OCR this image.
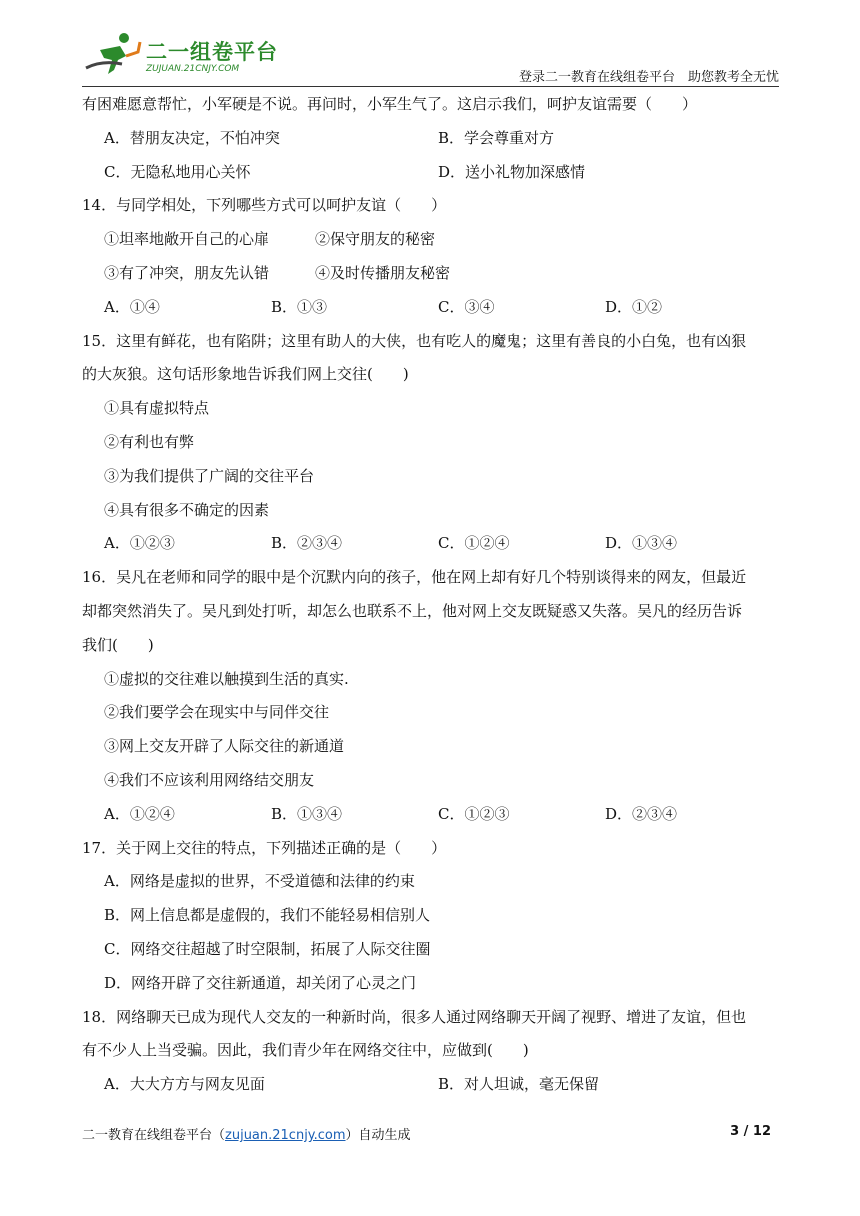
二一组卷平台
ZUJUAN.21CNJY.COM
登录二一教育在线组卷平台　助您教考全无忧
有困难愿意帮忙，小军硬是不说。再问时，小军生气了。这启示我们，呵护友谊需要（　　）
A．替朋友决定，不怕冲突	B．学会尊重对方
C．无隐私地用心关怀	D．送小礼物加深感情
14．与同学相处，下列哪些方式可以呵护友谊（　　）
①坦率地敞开自己的心扉	②保守朋友的秘密
③有了冲突，朋友先认错	④及时传播朋友秘密
A．①④	B．①③	C．③④	D．①②
15．这里有鲜花，也有陷阱；这里有助人的大侠，也有吃人的魔鬼；这里有善良的小白兔，也有凶狠
的大灰狼。这句话形象地告诉我们网上交往(　　)
①具有虚拟特点
②有利也有弊
③为我们提供了广阔的交往平台
④具有很多不确定的因素
A．①②③	B．②③④	C．①②④	D．①③④
16．吴凡在老师和同学的眼中是个沉默内向的孩子，他在网上却有好几个特别谈得来的网友，但最近
却都突然消失了。吴凡到处打听，却怎么也联系不上，他对网上交友既疑惑又失落。吴凡的经历告诉
我们(　　)
①虚拟的交往难以触摸到生活的真实.
②我们要学会在现实中与同伴交往
③网上交友开辟了人际交往的新通道
④我们不应该利用网络结交朋友
A．①②④	B．①③④	C．①②③	D．②③④
17．关于网上交往的特点，下列描述正确的是（　　）
A．网络是虚拟的世界，不受道德和法律的约束
B．网上信息都是虚假的，我们不能轻易相信别人
C．网络交往超越了时空限制，拓展了人际交往圈
D．网络开辟了交往新通道，却关闭了心灵之门
18．网络聊天已成为现代人交友的一种新时尚，很多人通过网络聊天开阔了视野、增进了友谊，但也
有不少人上当受骗。因此，我们青少年在网络交往中，应做到(　　)
A．大大方方与网友见面	B．对人坦诚，毫无保留
二一教育在线组卷平台（zujuan.21cnjy.com）自动生成	3 / 12
